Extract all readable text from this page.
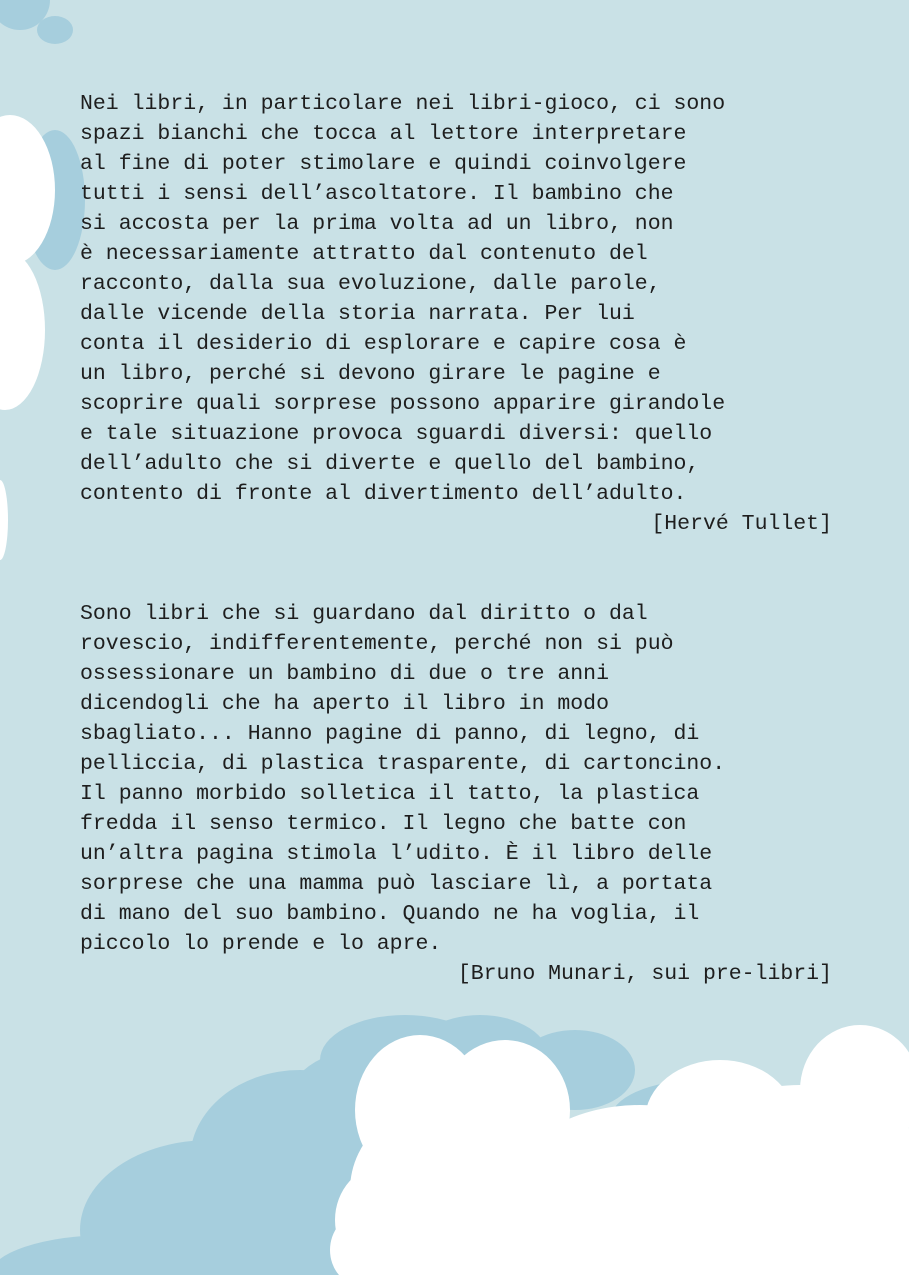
Nei libri, in particolare nei libri-gioco, ci sono
spazi bianchi che tocca al lettore interpretare
al fine di poter stimolare e quindi coinvolgere
tutti i sensi dell’ascoltatore. Il bambino che
si accosta per la prima volta ad un libro, non
è necessariamente attratto dal contenuto del
racconto, dalla sua evoluzione, dalle parole,
dalle vicende della storia narrata. Per lui
conta il desiderio di esplorare e capire cosa è
un libro, perché si devono girare le pagine e
scoprire quali sorprese possono apparire girandole
e tale situazione provoca sguardi diversi: quello
dell’adulto che si diverte e quello del bambino,
contento di fronte al divertimento dell’adulto.
[Hervé Tullet]
Sono libri che si guardano dal diritto o dal
rovescio, indifferentemente, perché non si può
ossessionare un bambino di due o tre anni
dicendogli che ha aperto il libro in modo
sbagliato... Hanno pagine di panno, di legno, di
pelliccia, di plastica trasparente, di cartoncino.
Il panno morbido solletica il tatto, la plastica
fredda il senso termico. Il legno che batte con
un’altra pagina stimola l’udito. È il libro delle
sorprese che una mamma può lasciare lì, a portata
di mano del suo bambino. Quando ne ha voglia, il
piccolo lo prende e lo apre.
[Bruno Munari, sui pre-libri]
